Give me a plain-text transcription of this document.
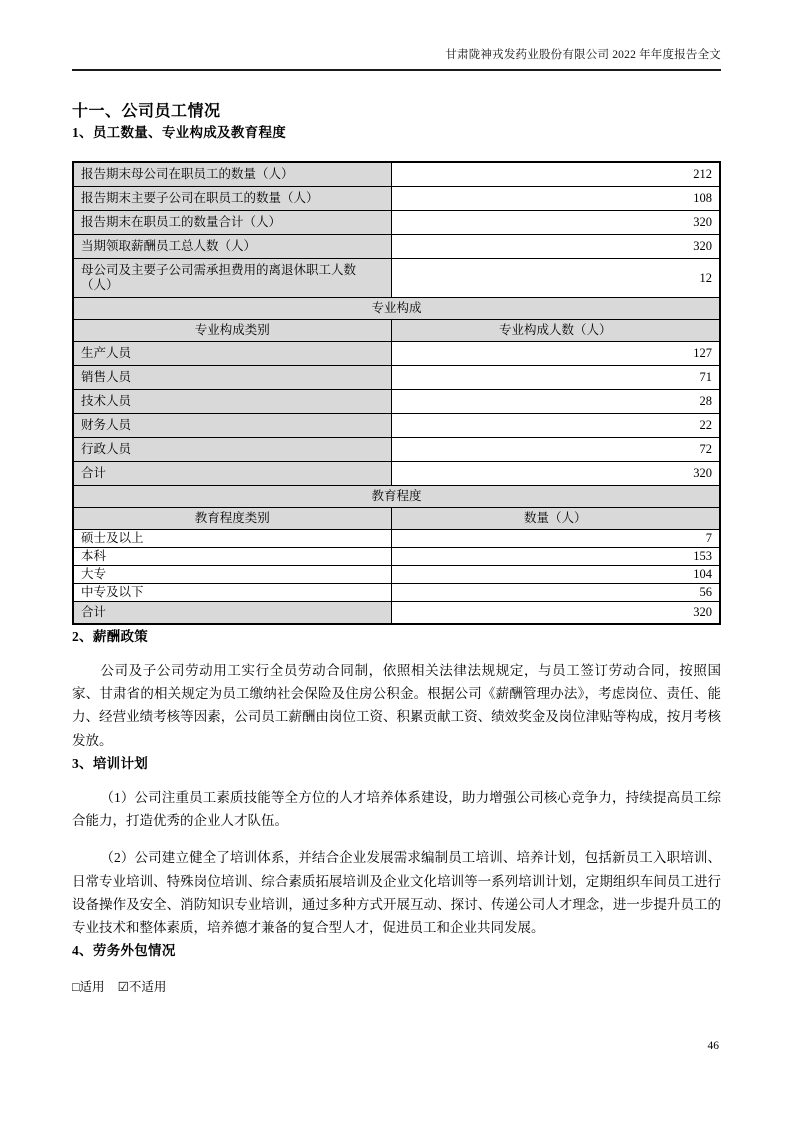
甘肃陇神戎发药业股份有限公司 2022 年年度报告全文
十一、公司员工情况
1、员工数量、专业构成及教育程度
报告期末母公司在职员工的数量（人）	212
报告期末主要子公司在职员工的数量（人）	108
报告期末在职员工的数量合计（人）	320
当期领取薪酬员工总人数（人）	320
母公司及主要子公司需承担费用的离退休职工人数（人）	12
专业构成	
专业构成类别	专业构成人数（人）
生产人员	127
销售人员	71
技术人员	28
财务人员	22
行政人员	72
合计	320
教育程度	
教育程度类别	数量（人）
硕士及以上	7
本科	153
大专	104
中专及以下	56
合计	320
2、薪酬政策

公司及子公司劳动用工实行全员劳动合同制，依照相关法律法规规定，与员工签订劳动合同，按照国家、甘肃省的相关规定为员工缴纳社会保险及住房公积金。根据公司《薪酬管理办法》，考虑岗位、责任、能力、经营业绩考核等因素，公司员工薪酬由岗位工资、积累贡献工资、绩效奖金及岗位津贴等构成，按月考核发放。

3、培训计划

（1）公司注重员工素质技能等全方位的人才培养体系建设，助力增强公司核心竞争力，持续提高员工综合能力，打造优秀的企业人才队伍。

（2）公司建立健全了培训体系，并结合企业发展需求编制员工培训、培养计划，包括新员工入职培训、日常专业培训、特殊岗位培训、综合素质拓展培训及企业文化培训等一系列培训计划，定期组织车间员工进行设备操作及安全、消防知识专业培训，通过多种方式开展互动、探讨、传递公司人才理念，进一步提升员工的专业技术和整体素质，培养德才兼备的复合型人才，促进员工和企业共同发展。

4、劳务外包情况
□适用 ☑不适用
46
